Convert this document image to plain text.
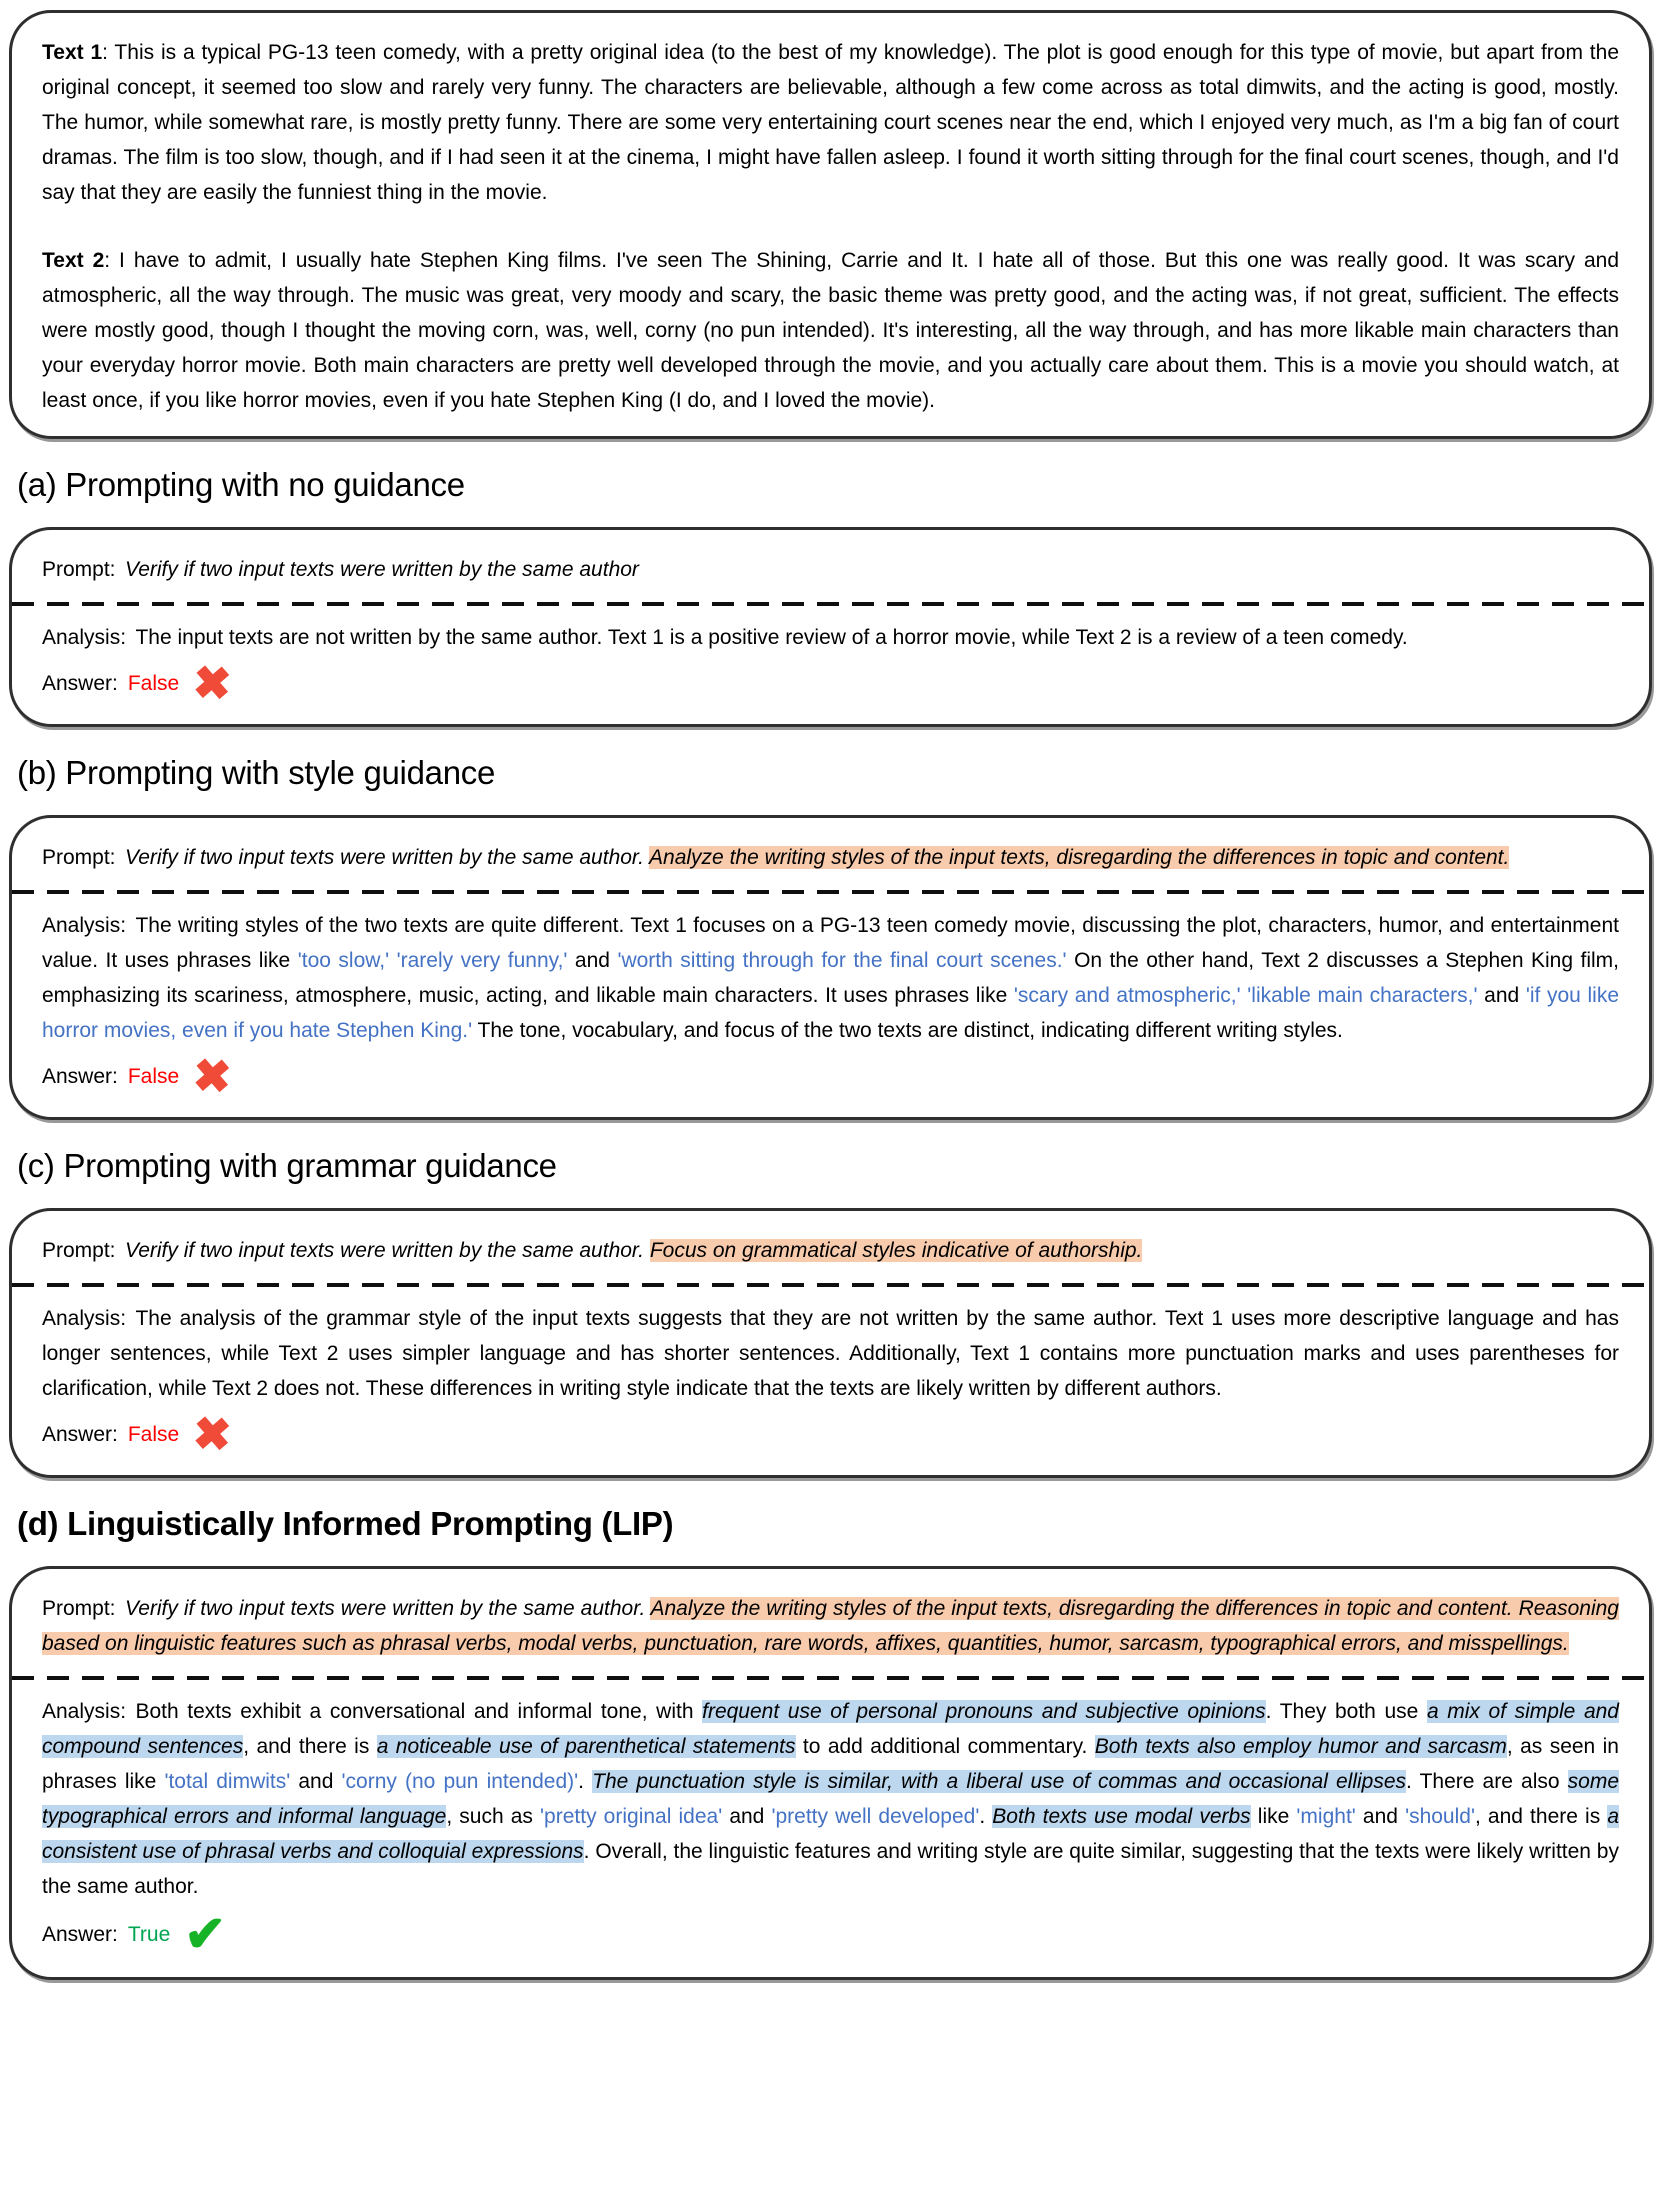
Text 1: This is a typical PG-13 teen comedy, with a pretty original idea (to the best of my knowledge). The plot is good enough for this type of movie, but apart from the original concept, it seemed too slow and rarely very funny. The characters are believable, although a few come across as total dimwits, and the acting is good, mostly. The humor, while somewhat rare, is mostly pretty funny. There are some very entertaining court scenes near the end, which I enjoyed very much, as I'm a big fan of court dramas. The film is too slow, though, and if I had seen it at the cinema, I might have fallen asleep. I found it worth sitting through for the final court scenes, though, and I'd say that they are easily the funniest thing in the movie.

Text 2: I have to admit, I usually hate Stephen King films. I've seen The Shining, Carrie and It. I hate all of those. But this one was really good. It was scary and atmospheric, all the way through. The music was great, very moody and scary, the basic theme was pretty good, and the acting was, if not great, sufficient. The effects were mostly good, though I thought the moving corn, was, well, corny (no pun intended). It's interesting, all the way through, and has more likable main characters than your everyday horror movie. Both main characters are pretty well developed through the movie, and you actually care about them. This is a movie you should watch, at least once, if you like horror movies, even if you hate Stephen King (I do, and I loved the movie).

(a) Prompting with no guidance

Prompt: Verify if two input texts were written by the same author

Analysis: The input texts are not written by the same author. Text 1 is a positive review of a horror movie, while Text 2 is a review of a teen comedy.

Answer: False ✖

(b) Prompting with style guidance

Prompt: Verify if two input texts were written by the same author. Analyze the writing styles of the input texts, disregarding the differences in topic and content.

Analysis: The writing styles of the two texts are quite different. Text 1 focuses on a PG-13 teen comedy movie, discussing the plot, characters, humor, and entertainment value. It uses phrases like 'too slow,' 'rarely very funny,' and 'worth sitting through for the final court scenes.' On the other hand, Text 2 discusses a Stephen King film, emphasizing its scariness, atmosphere, music, acting, and likable main characters. It uses phrases like 'scary and atmospheric,' 'likable main characters,' and 'if you like horror movies, even if you hate Stephen King.' The tone, vocabulary, and focus of the two texts are distinct, indicating different writing styles.

Answer: False ✖

(c) Prompting with grammar guidance

Prompt: Verify if two input texts were written by the same author. Focus on grammatical styles indicative of authorship.

Analysis: The analysis of the grammar style of the input texts suggests that they are not written by the same author. Text 1 uses more descriptive language and has longer sentences, while Text 2 uses simpler language and has shorter sentences. Additionally, Text 1 contains more punctuation marks and uses parentheses for clarification, while Text 2 does not. These differences in writing style indicate that the texts are likely written by different authors.

Answer: False ✖

(d) Linguistically Informed Prompting (LIP)

Prompt: Verify if two input texts were written by the same author. Analyze the writing styles of the input texts, disregarding the differences in topic and content. Reasoning based on linguistic features such as phrasal verbs, modal verbs, punctuation, rare words, affixes, quantities, humor, sarcasm, typographical errors, and misspellings.

Analysis: Both texts exhibit a conversational and informal tone, with frequent use of personal pronouns and subjective opinions. They both use a mix of simple and compound sentences, and there is a noticeable use of parenthetical statements to add additional commentary. Both texts also employ humor and sarcasm, as seen in phrases like 'total dimwits' and 'corny (no pun intended)'. The punctuation style is similar, with a liberal use of commas and occasional ellipses. There are also some typographical errors and informal language, such as 'pretty original idea' and 'pretty well developed'. Both texts use modal verbs like 'might' and 'should', and there is a consistent use of phrasal verbs and colloquial expressions. Overall, the linguistic features and writing style are quite similar, suggesting that the texts were likely written by the same author.

Answer: True ✔
